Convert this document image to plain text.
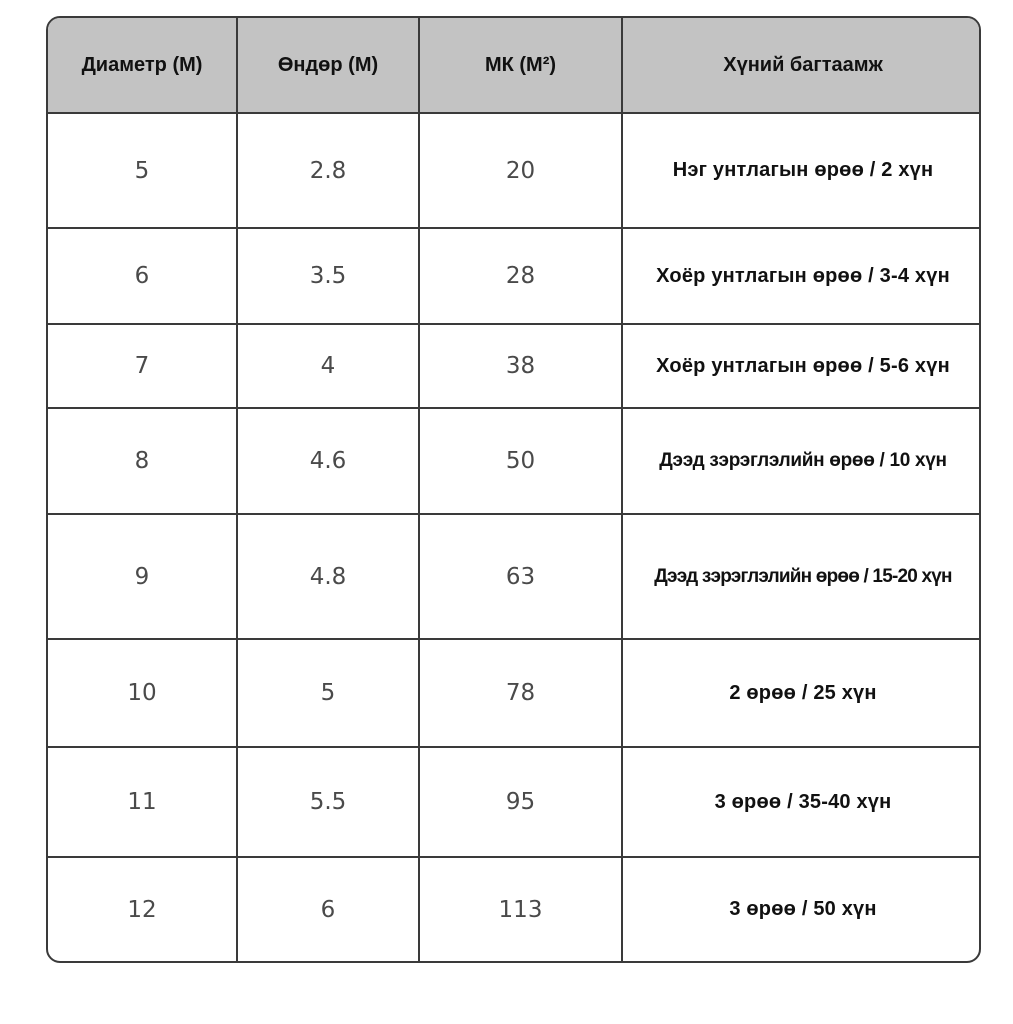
Диаметр (М)	Өндөр (М)	МК (М²)	Хүний багтаамж
5	2.8	20	Нэг унтлагын өрөө / 2 хүн
6	3.5	28	Хоёр унтлагын өрөө / 3-4 хүн
7	4	38	Хоёр унтлагын өрөө / 5-6 хүн
8	4.6	50	Дээд зэрэглэлийн өрөө / 10 хүн
9	4.8	63	Дээд зэрэглэлийн өрөө / 15-20 хүн
10	5	78	2 өрөө / 25 хүн
11	5.5	95	3 өрөө / 35-40 хүн
12	6	113	3 өрөө / 50 хүн
